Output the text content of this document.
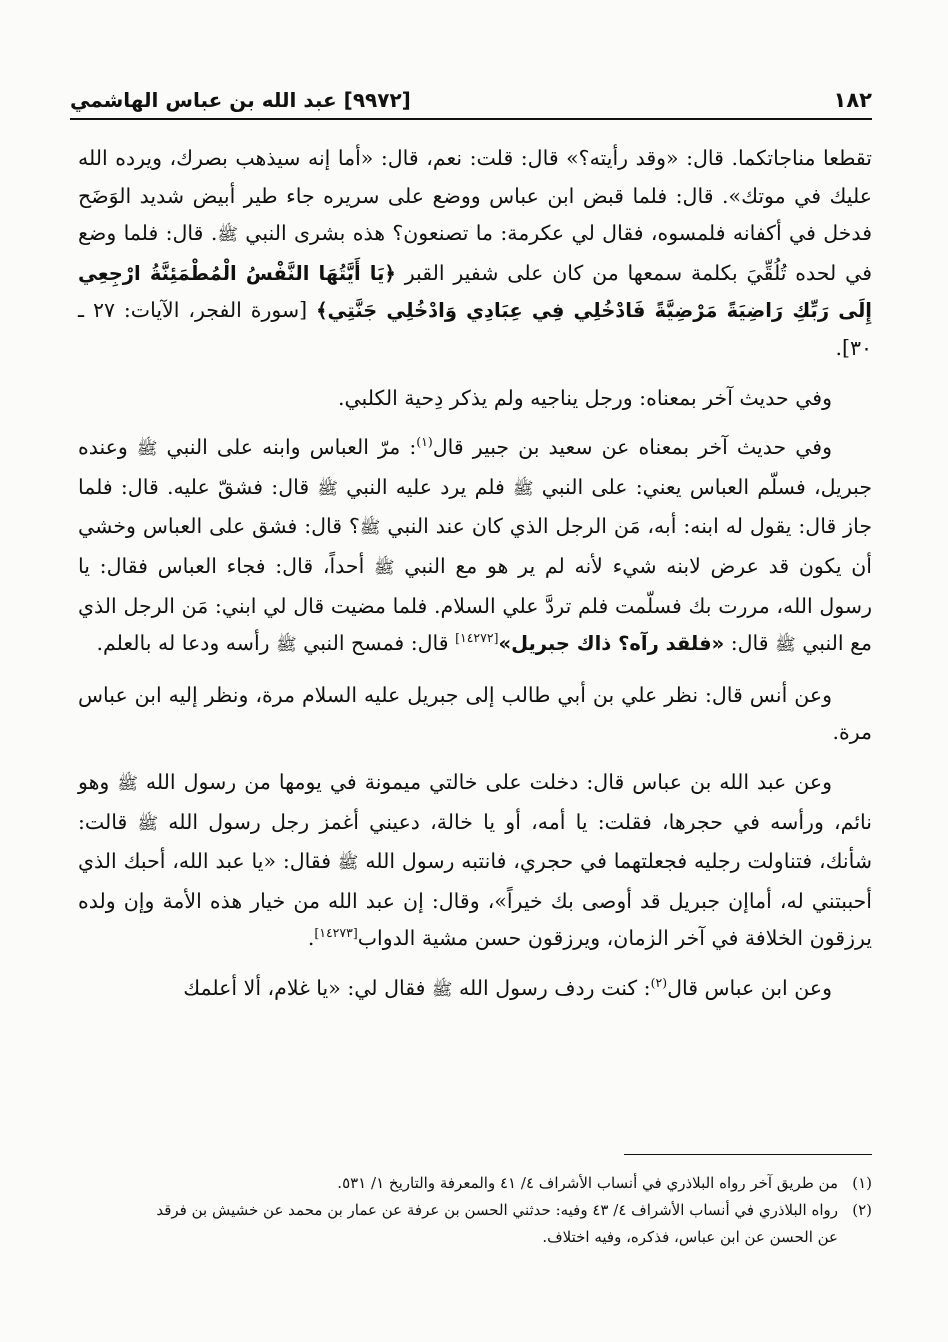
١٨٢
[٩٩٧٢] عبد الله بن عباس الهاشمي

تقطعا مناجاتكما. قال: «وقد رأيته؟» قال: قلت: نعم، قال: «أما إنه سيذهب بصرك، ويرده الله عليك في موتك». قال: فلما قبض ابن عباس ووضع على سريره جاء طير أبيض شديد الوَضَح فدخل في أكفانه فلمسوه، فقال لي عكرمة: ما تصنعون؟ هذه بشرى النبي ﷺ. قال: فلما وضع في لحده تُلُقِّيَ بكلمة سمعها من كان على شفير القبر ﴿يَا أَيَّتُهَا النَّفْسُ الْمُطْمَئِنَّةُ ارْجِعِي إِلَى رَبِّكِ رَاضِيَةً مَرْضِيَّةً فَادْخُلِي فِي عِبَادِي وَادْخُلِي جَنَّتِي﴾ [سورة الفجر، الآيات: ٢٧ ـ ٣٠].

وفي حديث آخر بمعناه: ورجل يناجيه ولم يذكر دِحية الكلبي.

وفي حديث آخر بمعناه عن سعيد بن جبير قال$^{(١)}$: مرّ العباس وابنه على النبي ﷺ وعنده جبريل، فسلّم العباس يعني: على النبي ﷺ فلم يرد عليه النبي ﷺ قال: فشقّ عليه. قال: فلما جاز قال: يقول له ابنه: أبه، مَن الرجل الذي كان عند النبي ﷺ؟ قال: فشق على العباس وخشي أن يكون قد عرض لابنه شيء لأنه لم ير هو مع النبي ﷺ أحداً، قال: فجاء العباس فقال: يا رسول الله، مررت بك فسلّمت فلم تردَّ علي السلام. فلما مضيت قال لي ابني: مَن الرجل الذي مع النبي ﷺ قال: «فلقد رآه؟ ذاك جبريل»[١٤٢٧٢] قال: فمسح النبي ﷺ رأسه ودعا له بالعلم.

وعن أنس قال: نظر علي بن أبي طالب إلى جبريل عليه السلام مرة، ونظر إليه ابن عباس مرة.

وعن عبد الله بن عباس قال: دخلت على خالتي ميمونة في يومها من رسول الله ﷺ وهو نائم، ورأسه في حجرها، فقلت: يا أمه، أو يا خالة، دعيني أغمز رجل رسول الله ﷺ قالت: شأنك، فتناولت رجليه فجعلتهما في حجري، فانتبه رسول الله ﷺ فقال: «يا عبد الله، أحبك الذي أحببتني له، أماإن جبريل قد أوصى بك خيراً»، وقال: إن عبد الله من خيار هذه الأمة وإن ولده يرزقون الخلافة في آخر الزمان، ويرزقون حسن مشية الدواب[١٤٢٧٣].

وعن ابن عباس قال$^{(٢)}$: كنت ردف رسول الله ﷺ فقال لي: «يا غلام، ألا أعلمك

(١)من طريق آخر رواه البلاذري في أنساب الأشراف ٤/ ٤١ والمعرفة والتاريخ ١/ ٥٣١.

(٢)رواه البلاذري في أنساب الأشراف ٤/ ٤٣ وفيه: حدثني الحسن بن عرفة عن عمار بن محمد عن خشيش بن فرقد

عن الحسن عن ابن عباس، فذكره، وفيه اختلاف.
